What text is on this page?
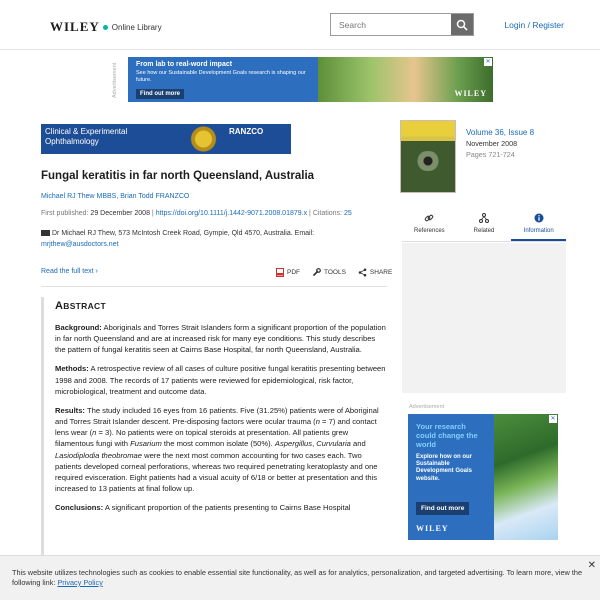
WILEY Online Library
Search	Login / Register
Advertisement	From lab to real-word impact
See how our Sustainable Development Goals research is shaping our future.
Find out more	WILEY
✕
Clinical & Experimental
Ophthalmology
RANZCO
Fungal keratitis in far north Queensland, Australia
Michael RJ Thew MBBS, Brian Todd FRANZCO
First published: 29 December 2008 | https://doi.org/10.1111/j.1442-9071.2008.01879.x | Citations: 25
Dr Michael RJ Thew, 573 McIntosh Creek Road, Gympie, Qld 4570, Australia. Email:
mrjthew@ausdoctors.net
Read the full text ›	PDF	TOOLS	SHARE
ABSTRACT

Background: Aboriginals and Torres Strait Islanders form a significant proportion of the population in far north Queensland and are at increased risk for many eye conditions. This study describes the pattern of fungal keratitis seen at Cairns Base Hospital, far north Queensland, Australia.

Methods: A retrospective review of all cases of culture positive fungal keratitis presenting between 1998 and 2008. The records of 17 patients were reviewed for epidemiological, risk factor, microbiological, treatment and outcome data.

Results: The study included 16 eyes from 16 patients. Five (31.25%) patients were of Aboriginal and Torres Strait Islander descent. Pre-disposing factors were ocular trauma (n = 7) and contact lens wear (n = 3). No patients were on topical steroids at presentation. All patients grew filamentous fungi with Fusarium the most common isolate (50%). Aspergillus, Curvularia and Lasiodiplodia theobromae were the next most common accounting for two cases each. Two patients developed corneal perforations, whereas two required penetrating keratoplasty and one required evisceration. Eight patients had a visual acuity of 6/18 or better at presentation and this increased to 13 patients at final follow up.

Conclusions: A significant proportion of the patients presenting to Cairns Base Hospital

Volume 36, Issue 8
November 2008
Pages 721-724
References	Related	Information
Advertisement
Your research could change the world
Explore how on our Sustainable Development Goals website.
Find out more
WILEY
✕
This website utilizes technologies such as cookies to enable essential site functionality, as well as for analytics, personalization, and targeted advertising. To learn more, view the following link: Privacy Policy
✕
